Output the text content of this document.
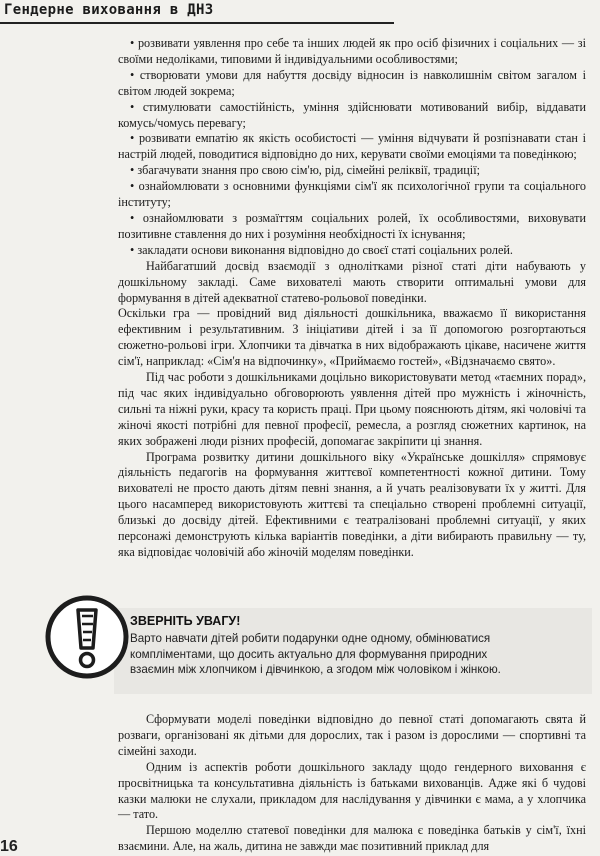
Гендерне виховання в ДНЗ

• розвивати уявлення про себе та інших людей як про осіб фізичних і соціальних — зі своїми недоліками, типовими й індивідуальними особливостями;

• створювати умови для набуття досвіду відносин із навколишнім світом загалом і світом людей зокрема;

• стимулювати самостійність, уміння здійснювати мотивований вибір, віддавати комусь/чомусь перевагу;

• розвивати емпатію як якість особистості — уміння відчувати й розпізнавати стан і настрій людей, поводитися відповідно до них, керувати своїми емоціями та поведінкою;

• збагачувати знання про свою сім'ю, рід, сімейні реліквії, традиції;

• ознайомлювати з основними функціями сім'ї як психологічної групи та соціального інституту;

• ознайомлювати з розмаїттям соціальних ролей, їх особливостями, виховувати позитивне ставлення до них і розуміння необхідності їх існування;

• закладати основи виконання відповідно до своєї статі соціальних ролей.

Найбагатший досвід взаємодії з однолітками різної статі діти набувають у дошкільному закладі. Саме вихователі мають створити оптимальні умови для формування в дітей адекватної статево-рольової поведінки.

Оскільки гра — провідний вид діяльності дошкільника, вважаємо її використання ефективним і результативним. З ініціативи дітей і за її допомогою розгортаються сюжетно-рольові ігри. Хлопчики та дівчатка в них відображають цікаве, насичене життя сім'ї, наприклад: «Сім'я на відпочинку», «Приймаємо гостей», «Відзначаємо свято».

Під час роботи з дошкільниками доцільно використовувати метод «таємних порад», під час яких індивідуально обговорюють уявлення дітей про мужність і жіночність, сильні та ніжні руки, красу та користь праці. При цьому пояснюють дітям, які чоловічі та жіночі якості потрібні для певної професії, ремесла, а розгляд сюжетних картинок, на яких зображені люди різних професій, допомагає закріпити ці знання.

Програма розвитку дитини дошкільного віку «Українське дошкілля» спрямовує діяльність педагогів на формування життєвої компетентності кожної дитини. Тому вихователі не просто дають дітям певні знання, а й учать реалізовувати їх у житті. Для цього насамперед використовують життєві та спеціально створені проблемні ситуації, близькі до досвіду дітей. Ефективними є театралізовані проблемні ситуації, у яких персонажі демонструють кілька варіантів поведінки, а діти вибирають правильну — ту, яка відповідає чоловічій або жіночій моделям поведінки.

ЗВЕРНІТЬ УВАГУ!
Варто навчати дітей робити подарунки одне одному, обмінюватися компліментами, що досить актуально для формування природних взаємин між хлопчиком і дівчинкою, а згодом між чоловіком і жінкою.

Сформувати моделі поведінки відповідно до певної статі допомагають свята й розваги, організовані як дітьми для дорослих, так і разом із дорослими — спортивні та сімейні заходи.

Одним із аспектів роботи дошкільного закладу щодо гендерного виховання є просвітницька та консультативна діяльність із батьками вихованців. Адже які б чудові казки малюки не слухали, прикладом для наслідування у дівчинки є мама, а у хлопчика — тато.

Першою моделлю статевої поведінки для малюка є поведінка батьків у сім'ї, їхні взаємини. Але, на жаль, дитина не завжди має позитивний приклад для

16
